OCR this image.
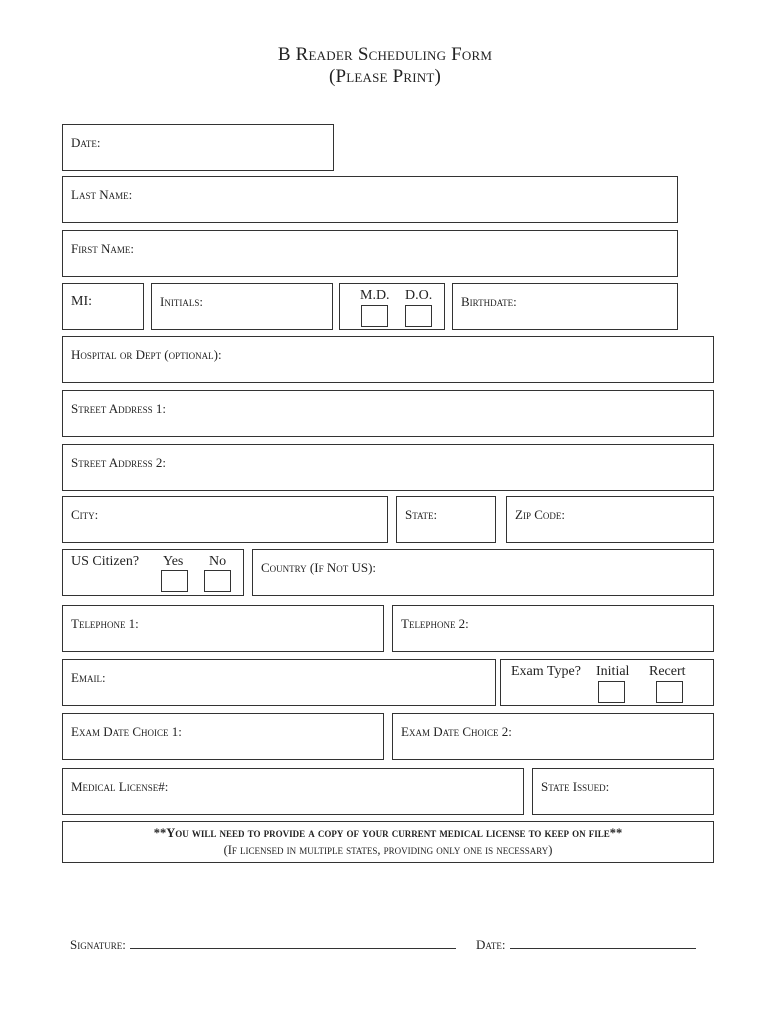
B Reader Scheduling Form
(Please Print)
Date:
Last Name:
First Name:
MI:	Initials:	M.D. D.O. Birthdate:
Hospital or Dept (optional):
Street Address 1:
Street Address 2:
City:	State:	Zip Code:
US Citizen? Yes No	Country (If Not US):
Telephone 1:	Telephone 2:
Email:	Exam Type? Initial Recert
Exam Date Choice 1:	Exam Date Choice 2:
Medical License#:	State Issued:
**You will need to provide a copy of your current medical license to keep on file**
(If licensed in multiple states, providing only one is necessary)
Signature:	Date:
